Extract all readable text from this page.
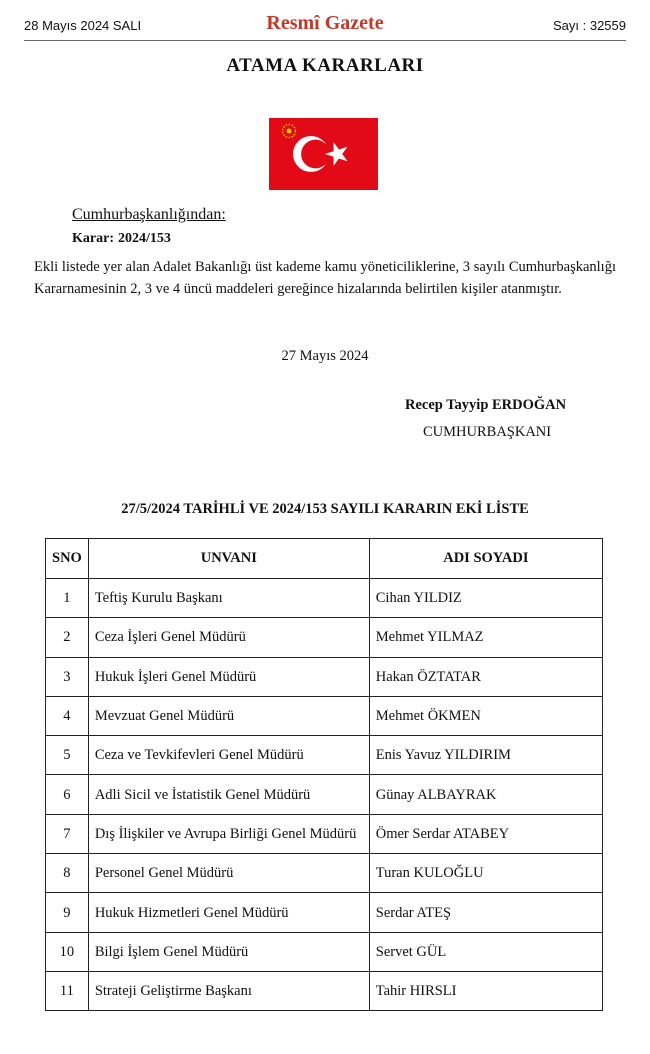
28 Mayıs 2024 SALI	Resmî Gazete	Sayı : 32559
ATAMA KARARLARI
Cumhurbaşkanlığından:
Karar: 2024/153
Ekli listede yer alan Adalet Bakanlığı üst kademe kamu yöneticiliklerine, 3 sayılı Cumhurbaşkanlığı Kararnamesinin 2, 3 ve 4 üncü maddeleri gereğince hizalarında belirtilen kişiler atanmıştır.
27 Mayıs 2024
Recep Tayyip ERDOĞAN
CUMHURBAŞKANI
27/5/2024 TARİHLİ VE 2024/153 SAYILI KARARIN EKİ LİSTE
SNO	UNVANI	ADI SOYADI
1	Teftiş Kurulu Başkanı	Cihan YILDIZ
2	Ceza İşleri Genel Müdürü	Mehmet YILMAZ
3	Hukuk İşleri Genel Müdürü	Hakan ÖZTATAR
4	Mevzuat Genel Müdürü	Mehmet ÖKMEN
5	Ceza ve Tevkifevleri Genel Müdürü	Enis Yavuz YILDIRIM
6	Adli Sicil ve İstatistik Genel Müdürü	Günay ALBAYRAK
7	Dış İlişkiler ve Avrupa Birliği Genel Müdürü	Ömer Serdar ATABEY
8	Personel Genel Müdürü	Turan KULOĞLU
9	Hukuk Hizmetleri Genel Müdürü	Serdar ATEŞ
10	Bilgi İşlem Genel Müdürü	Servet GÜL
11	Strateji Geliştirme Başkanı	Tahir HIRSLI
